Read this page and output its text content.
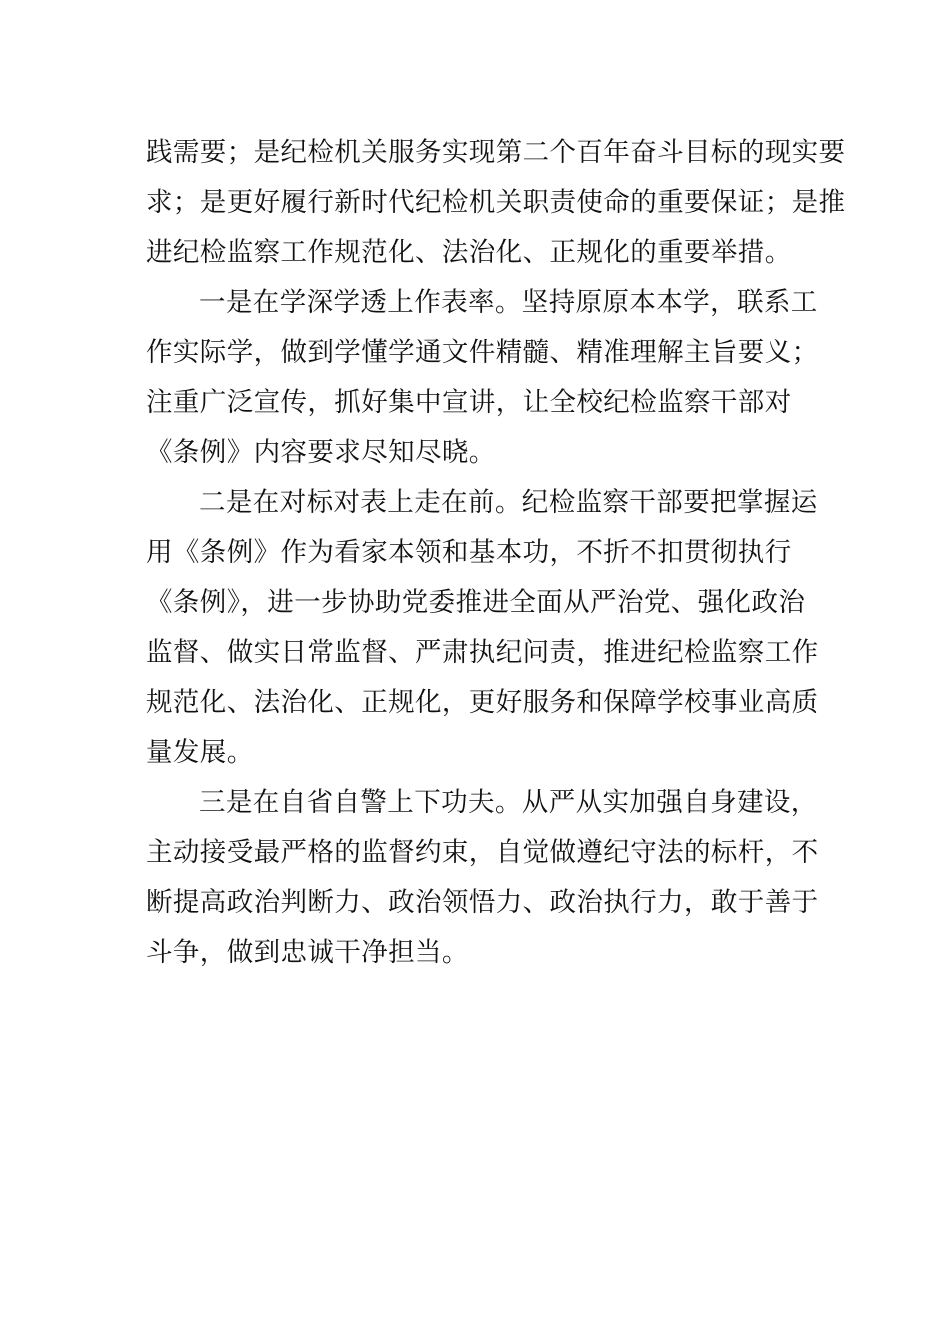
践需要；是纪检机关服务实现第二个百年奋斗目标的现实要
求；是更好履行新时代纪检机关职责使命的重要保证；是推
进纪检监察工作规范化、法治化、正规化的重要举措。
一是在学深学透上作表率。坚持原原本本学，联系工
作实际学，做到学懂学通文件精髓、精准理解主旨要义；
注重广泛宣传，抓好集中宣讲，让全校纪检监察干部对
《条例》内容要求尽知尽晓。
二是在对标对表上走在前。纪检监察干部要把掌握运
用《条例》作为看家本领和基本功，不折不扣贯彻执行
《条例》，进一步协助党委推进全面从严治党、强化政治
监督、做实日常监督、严肃执纪问责，推进纪检监察工作
规范化、法治化、正规化，更好服务和保障学校事业高质
量发展。
三是在自省自警上下功夫。从严从实加强自身建设，
主动接受最严格的监督约束，自觉做遵纪守法的标杆，不
断提高政治判断力、政治领悟力、政治执行力，敢于善于
斗争，做到忠诚干净担当。
